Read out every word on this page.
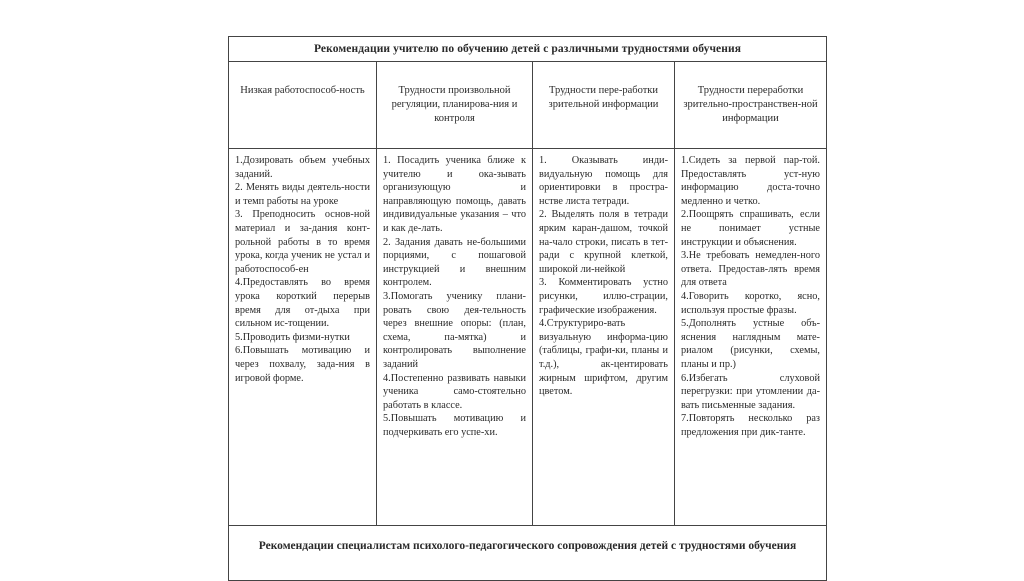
Рекомендации учителю по обучению детей с различными трудностями обучения
Низкая работоспособ-ность	Трудности произвольной регуляции, планирова-ния и контроля
Трудности пере-работки зрительной информации
Трудности переработки зрительно-пространствен-ной информации

1.Дозировать объем учебных заданий.

2. Менять виды деятель-ности и темп работы на уроке

3. Преподносить основ-ной материал и за-дания конт-рольной работы в то время урока, когда ученик не устал и работоспособ-ен 4.Предоставлять во время урока короткий перерыв время для от-дыха при сильном ис-тощении.

5.Проводить физми-нутки

6.Повышать мотивацию и через похвалу, зада-ния в игровой форме.

1. Посадить ученика ближе к учителю и ока-зывать организующую и направляющую помощь, давать индивидуальные указания – что и как де-лать.

2. Задания давать не-большими порциями, с пошаговой инструкцией и внешним контролем.

3.Помогать ученику плани-ровать свою дея-тельность через внешние опоры: (план, схема, па-мятка) и контролировать выполнение заданий

4.Постепенно развивать навыки ученика само-стоятельно работать в классе.

5.Повышать мотивацию и подчеркивать его успе-хи.

1. Оказывать инди-видуальную помощь для ориентировки в простра-нстве листа тетради.

2. Выделять поля в тетради ярким каран-дашом, точкой на-чало строки, писать в тет-ради с крупной клеткой, широкой ли-нейкой

3. Комментировать устно рисунки, иллю-страции, графические изображения.

4.Структуриро-вать визуальную информа-цию (таблицы, графи-ки, планы и т.д.), ак-центировать жирным шрифтом, другим цветом.

1.Сидеть за первой пар-той. Предоставлять уст-ную информацию доста-точно медленно и четко.

2.Поощрять спрашивать, если не понимает устные инструкции и объяснения.

3.Не требовать немедлен-ного ответа. Предостав-лять время для ответа

4.Говорить коротко, ясно, используя простые фразы.

5.Дополнять устные объ-яснения наглядным мате-риалом (рисунки, схемы, планы и пр.)

6.Избегать слуховой перегрузки: при утомлении да-вать письменные задания.

7.Повторять несколько раз предложения при дик-танте.

Рекомендации специалистам психолого-педагогического сопровождения детей с трудностями обучения
